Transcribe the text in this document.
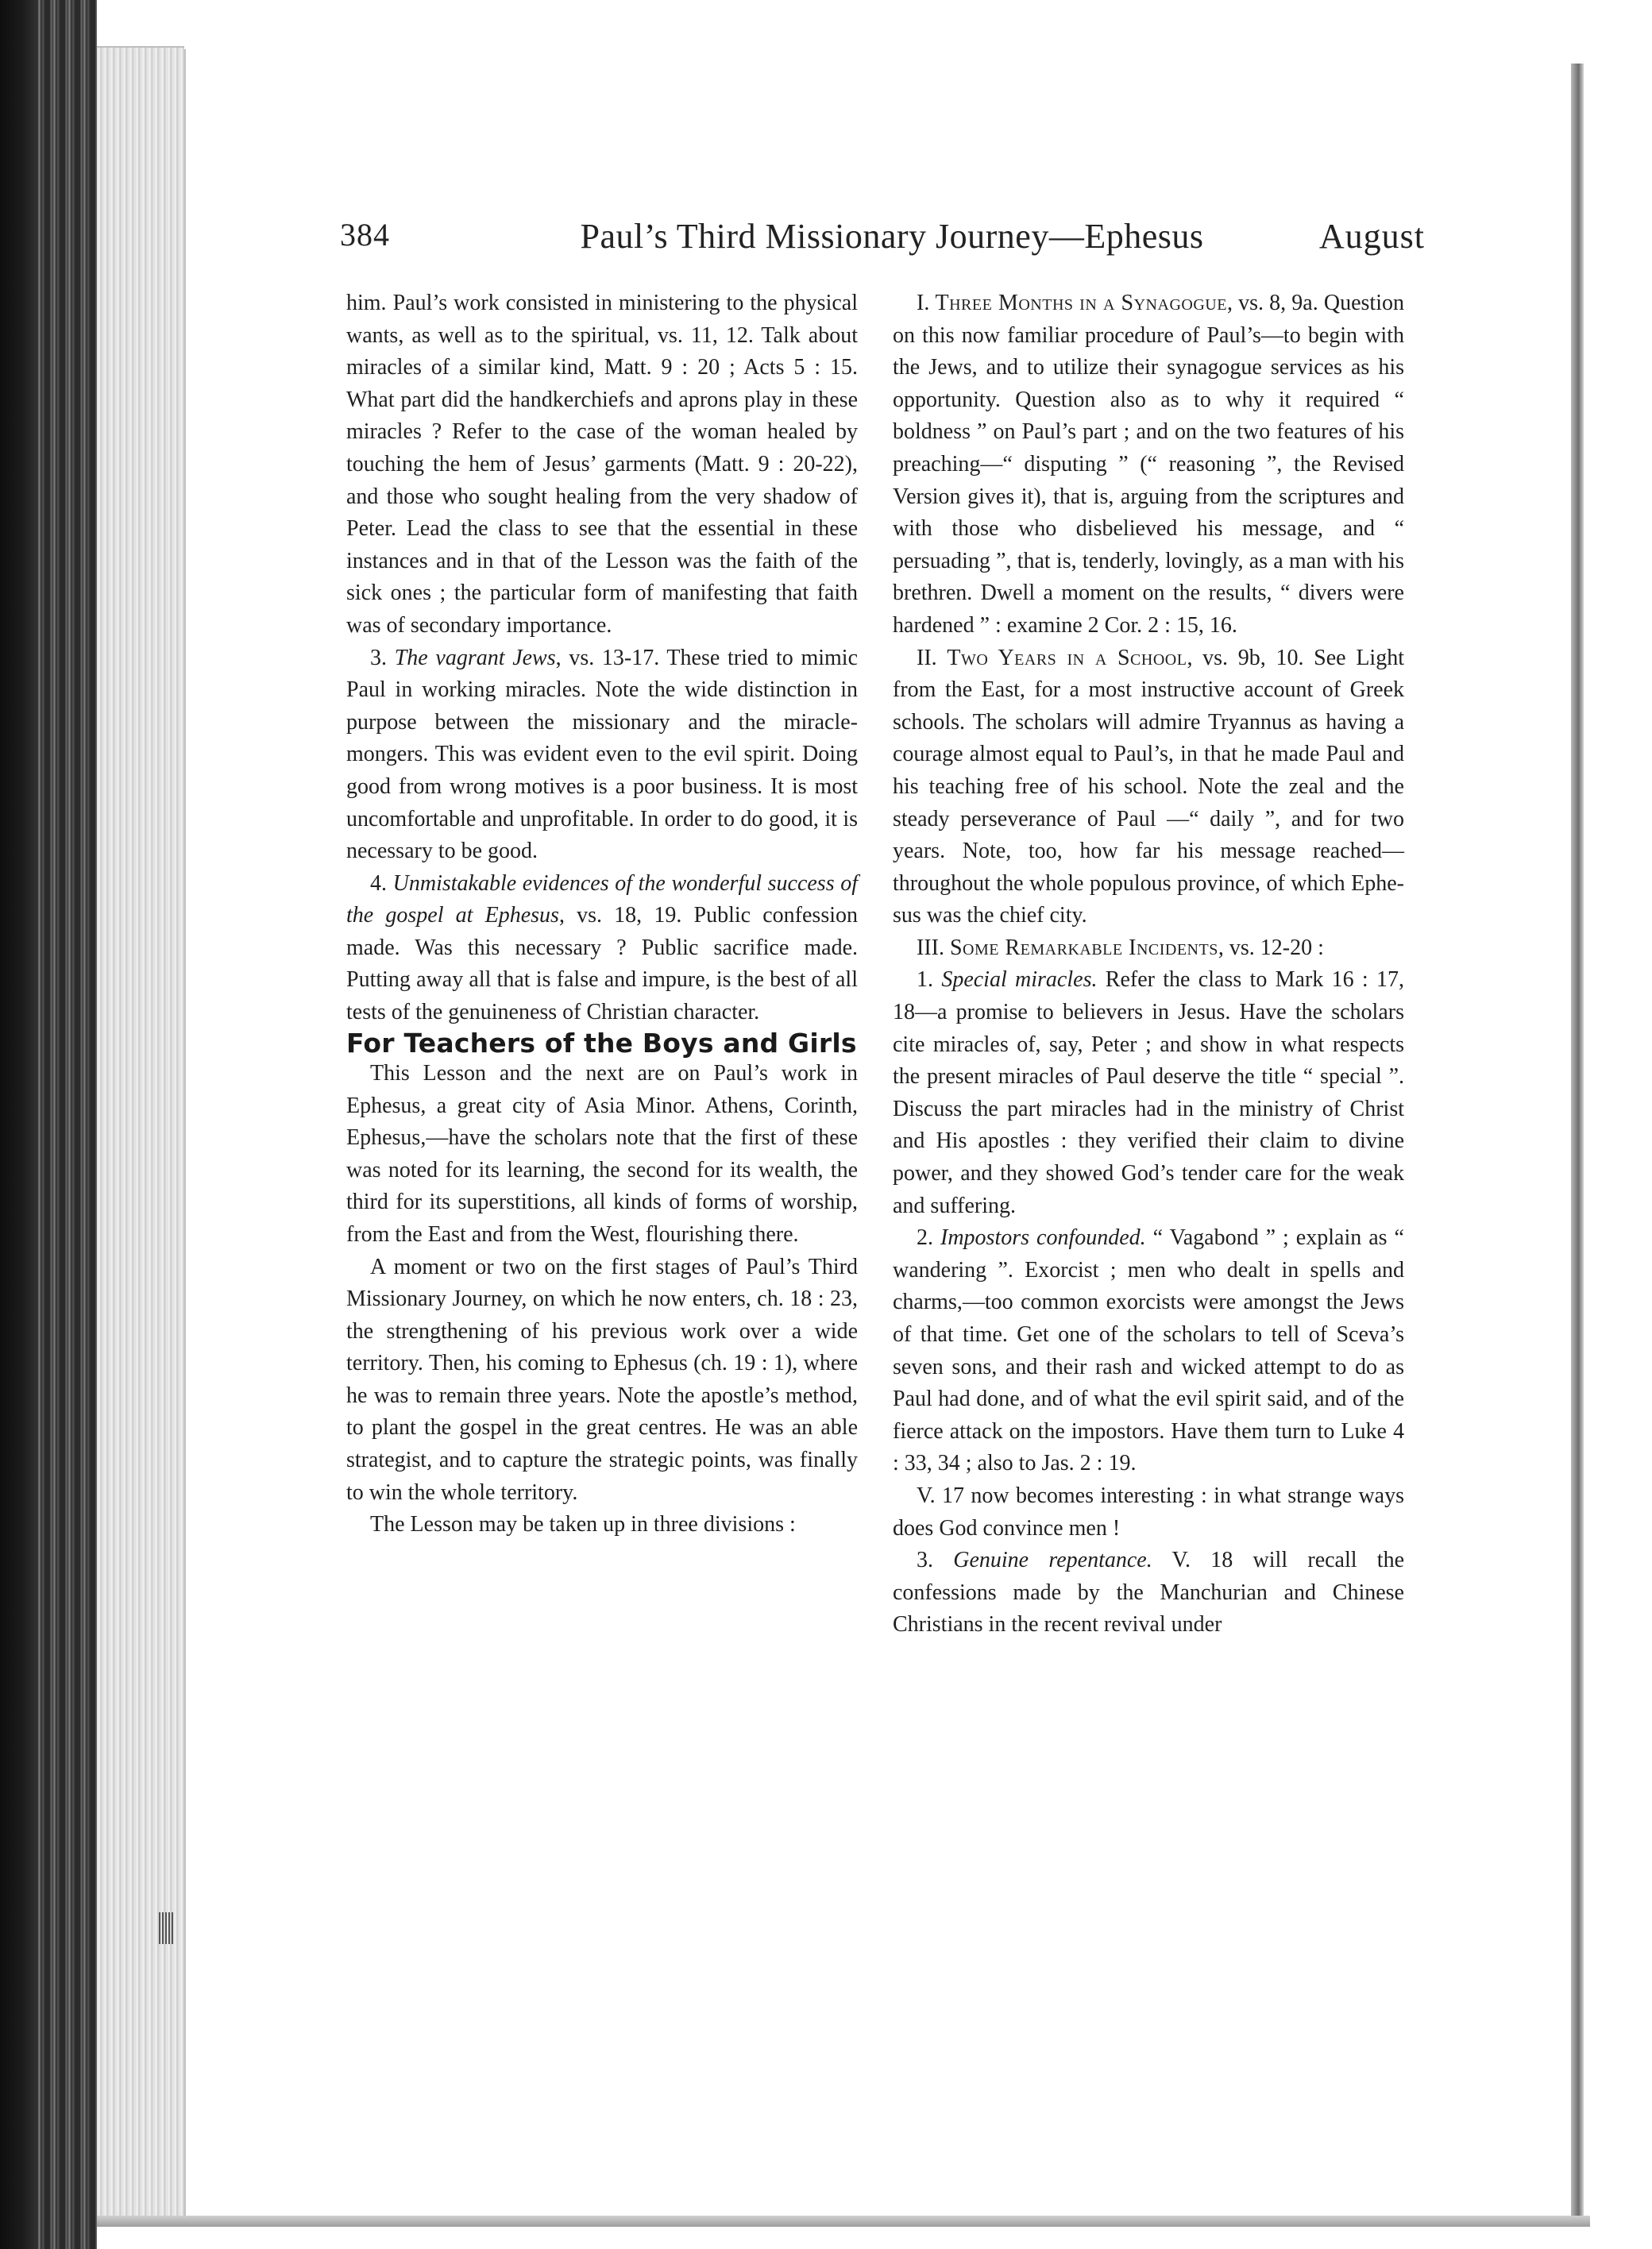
384	Paul’s Third Missionary Journey—Ephesus	August

him. Paul’s work consisted in ministering to the physical wants, as well as to the spiritual, vs. 11, 12. Talk about miracles of a similar kind, Matt. 9 : 20 ; Acts 5 : 15. What part did the handkerchiefs and aprons play in these miracles ? Refer to the case of the woman healed by touching the hem of Jesus’ garments (Matt. 9 : 20-22), and those who sought healing from the very shadow of Peter. Lead the class to see that the essential in these instances and in that of the Lesson was the faith of the sick ones ; the particular form of manifesting that faith was of secondary importance.

3. The vagrant Jews, vs. 13-17. These tried to mimic Paul in working miracles. Note the wide distinction in purpose between the missionary and the miracle-mongers. This was evident even to the evil spirit. Doing good from wrong motives is a poor business. It is most uncomfortable and unprofitable. In order to do good, it is necessary to be good.

4. Unmistakable evidences of the wonderful success of the gospel at Ephesus, vs. 18, 19. Public confession made. Was this necessary ? Public sacrifice made. Putting away all that is false and impure, is the best of all tests of the genuineness of Christian character.

For Teachers of the Boys and Girls

This Lesson and the next are on Paul’s work in Ephesus, a great city of Asia Minor. Athens, Corinth, Ephesus,—have the scholars note that the first of these was noted for its learning, the second for its wealth, the third for its superstitions, all kinds of forms of worship, from the East and from the West, flourishing there.

A moment or two on the first stages of Paul’s Third Missionary Journey, on which he now enters, ch. 18 : 23, the strengthening of his previous work over a wide territory. Then, his coming to Ephesus (ch. 19 : 1), where he was to remain three years. Note the apostle’s method, to plant the gospel in the great centres. He was an able strategist, and to capture the strategic points, was finally to win the whole territory.

The Lesson may be taken up in three divisions :

I. Three Months in a Synagogue, vs. 8, 9a. Question on this now familiar procedure of Paul’s—to begin with the Jews, and to utilize their synagogue services as his opportunity. Question also as to why it required “ boldness ” on Paul’s part ; and on the two features of his preaching—“ disputing ” (“ reasoning ”, the Revised Version gives it), that is, arguing from the scriptures and with those who disbelieved his message, and “ persuading ”, that is, tenderly, lovingly, as a man with his brethren. Dwell a moment on the results, “ divers were hardened ” : examine 2 Cor. 2 : 15, 16.

II. Two Years in a School, vs. 9b, 10. See Light from the East, for a most instructive account of Greek schools. The scholars will admire Tryannus as having a courage almost equal to Paul’s, in that he made Paul and his teaching free of his school. Note the zeal and the steady perseverance of Paul —“ daily ”, and for two years. Note, too, how far his message reached—throughout the whole populous province, of which Ephesus was the chief city.

III. Some Remarkable Incidents, vs. 12-20 :

1. Special miracles. Refer the class to Mark 16 : 17, 18—a promise to believers in Jesus. Have the scholars cite miracles of, say, Peter ; and show in what respects the present miracles of Paul deserve the title “ special ”. Discuss the part miracles had in the ministry of Christ and His apostles : they verified their claim to divine power, and they showed God’s tender care for the weak and suffering.

2. Impostors confounded. “ Vagabond ” ; explain as “ wandering ”. Exorcist ; men who dealt in spells and charms,—too common exorcists were amongst the Jews of that time. Get one of the scholars to tell of Sceva’s seven sons, and their rash and wicked attempt to do as Paul had done, and of what the evil spirit said, and of the fierce attack on the impostors. Have them turn to Luke 4 : 33, 34 ; also to Jas. 2 : 19.

V. 17 now becomes interesting : in what strange ways does God convince men !

3. Genuine repentance. V. 18 will recall the confessions made by the Manchurian and Chinese Christians in the recent revival under
